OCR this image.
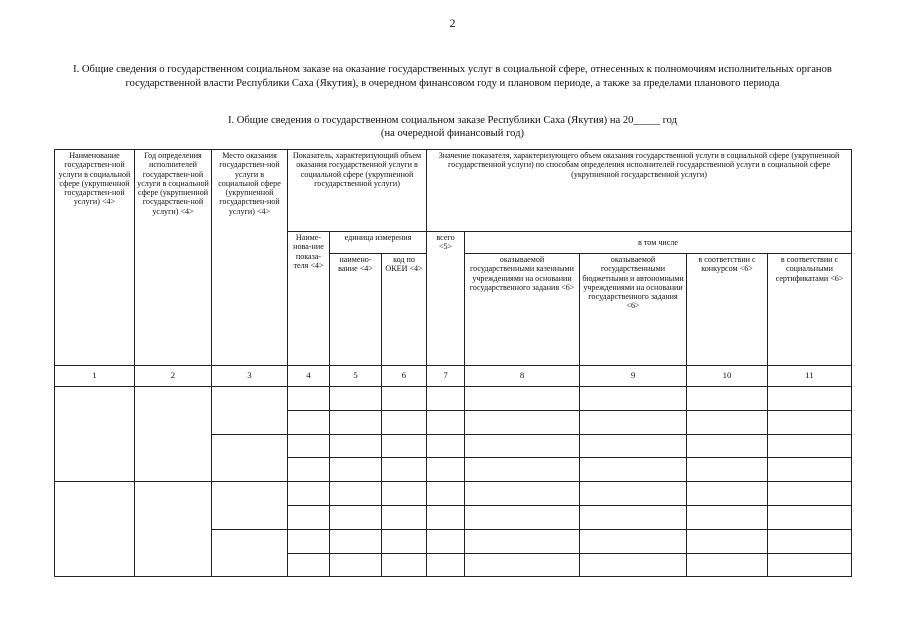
2
I. Общие сведения о государственном социальном заказе на оказание государственных услуг в социальной сфере, отнесенных к полномочиям исполнительных органов государственной власти Республики Саха (Якутия), в очередном финансовом году и плановом периоде, а также за пределами планового периода
I. Общие сведения о государственном социальном заказе Республики Саха (Якутия) на 20_____ год
(на очередной финансовый год)
Наименование государствен-ной услуги в социальной сфере (укрупненной государствен-ной услуги) <4>	Год определения исполнителей государствен-ной услуги в социальной сфере (укрупненной государствен-ной услуги) <4>	Место оказания государствен-ной услуги в социальной сфере (укрупненной государствен-ной услуги) <4>	Показатель, характеризующий объем оказания государственной услуги в социальной сфере (укрупненной государственной услуги)			Значение показателя, характеризующего объем оказания государственной услуги в социальной сфере (укрупненной государственной услуги) по способам определения исполнителей государственной услуги в социальной сфере (укрупненной государственной услуги)				
			Наиме-нова-ние показа-теля <4>	единица измерения		всего <5>	в том числе			
				наимено-вание <4>	код по ОКЕИ <4>		оказываемой государственными казенными учреждениями на основании государственного задания <6>	оказываемой государственными бюджетными и автономными учреждениями на основании государственного задания <6>	в соответствии с конкурсом <6>	в соответствии с социальными сертификатами <6>
1	2	3	4	5	6	7	8	9	10	11
